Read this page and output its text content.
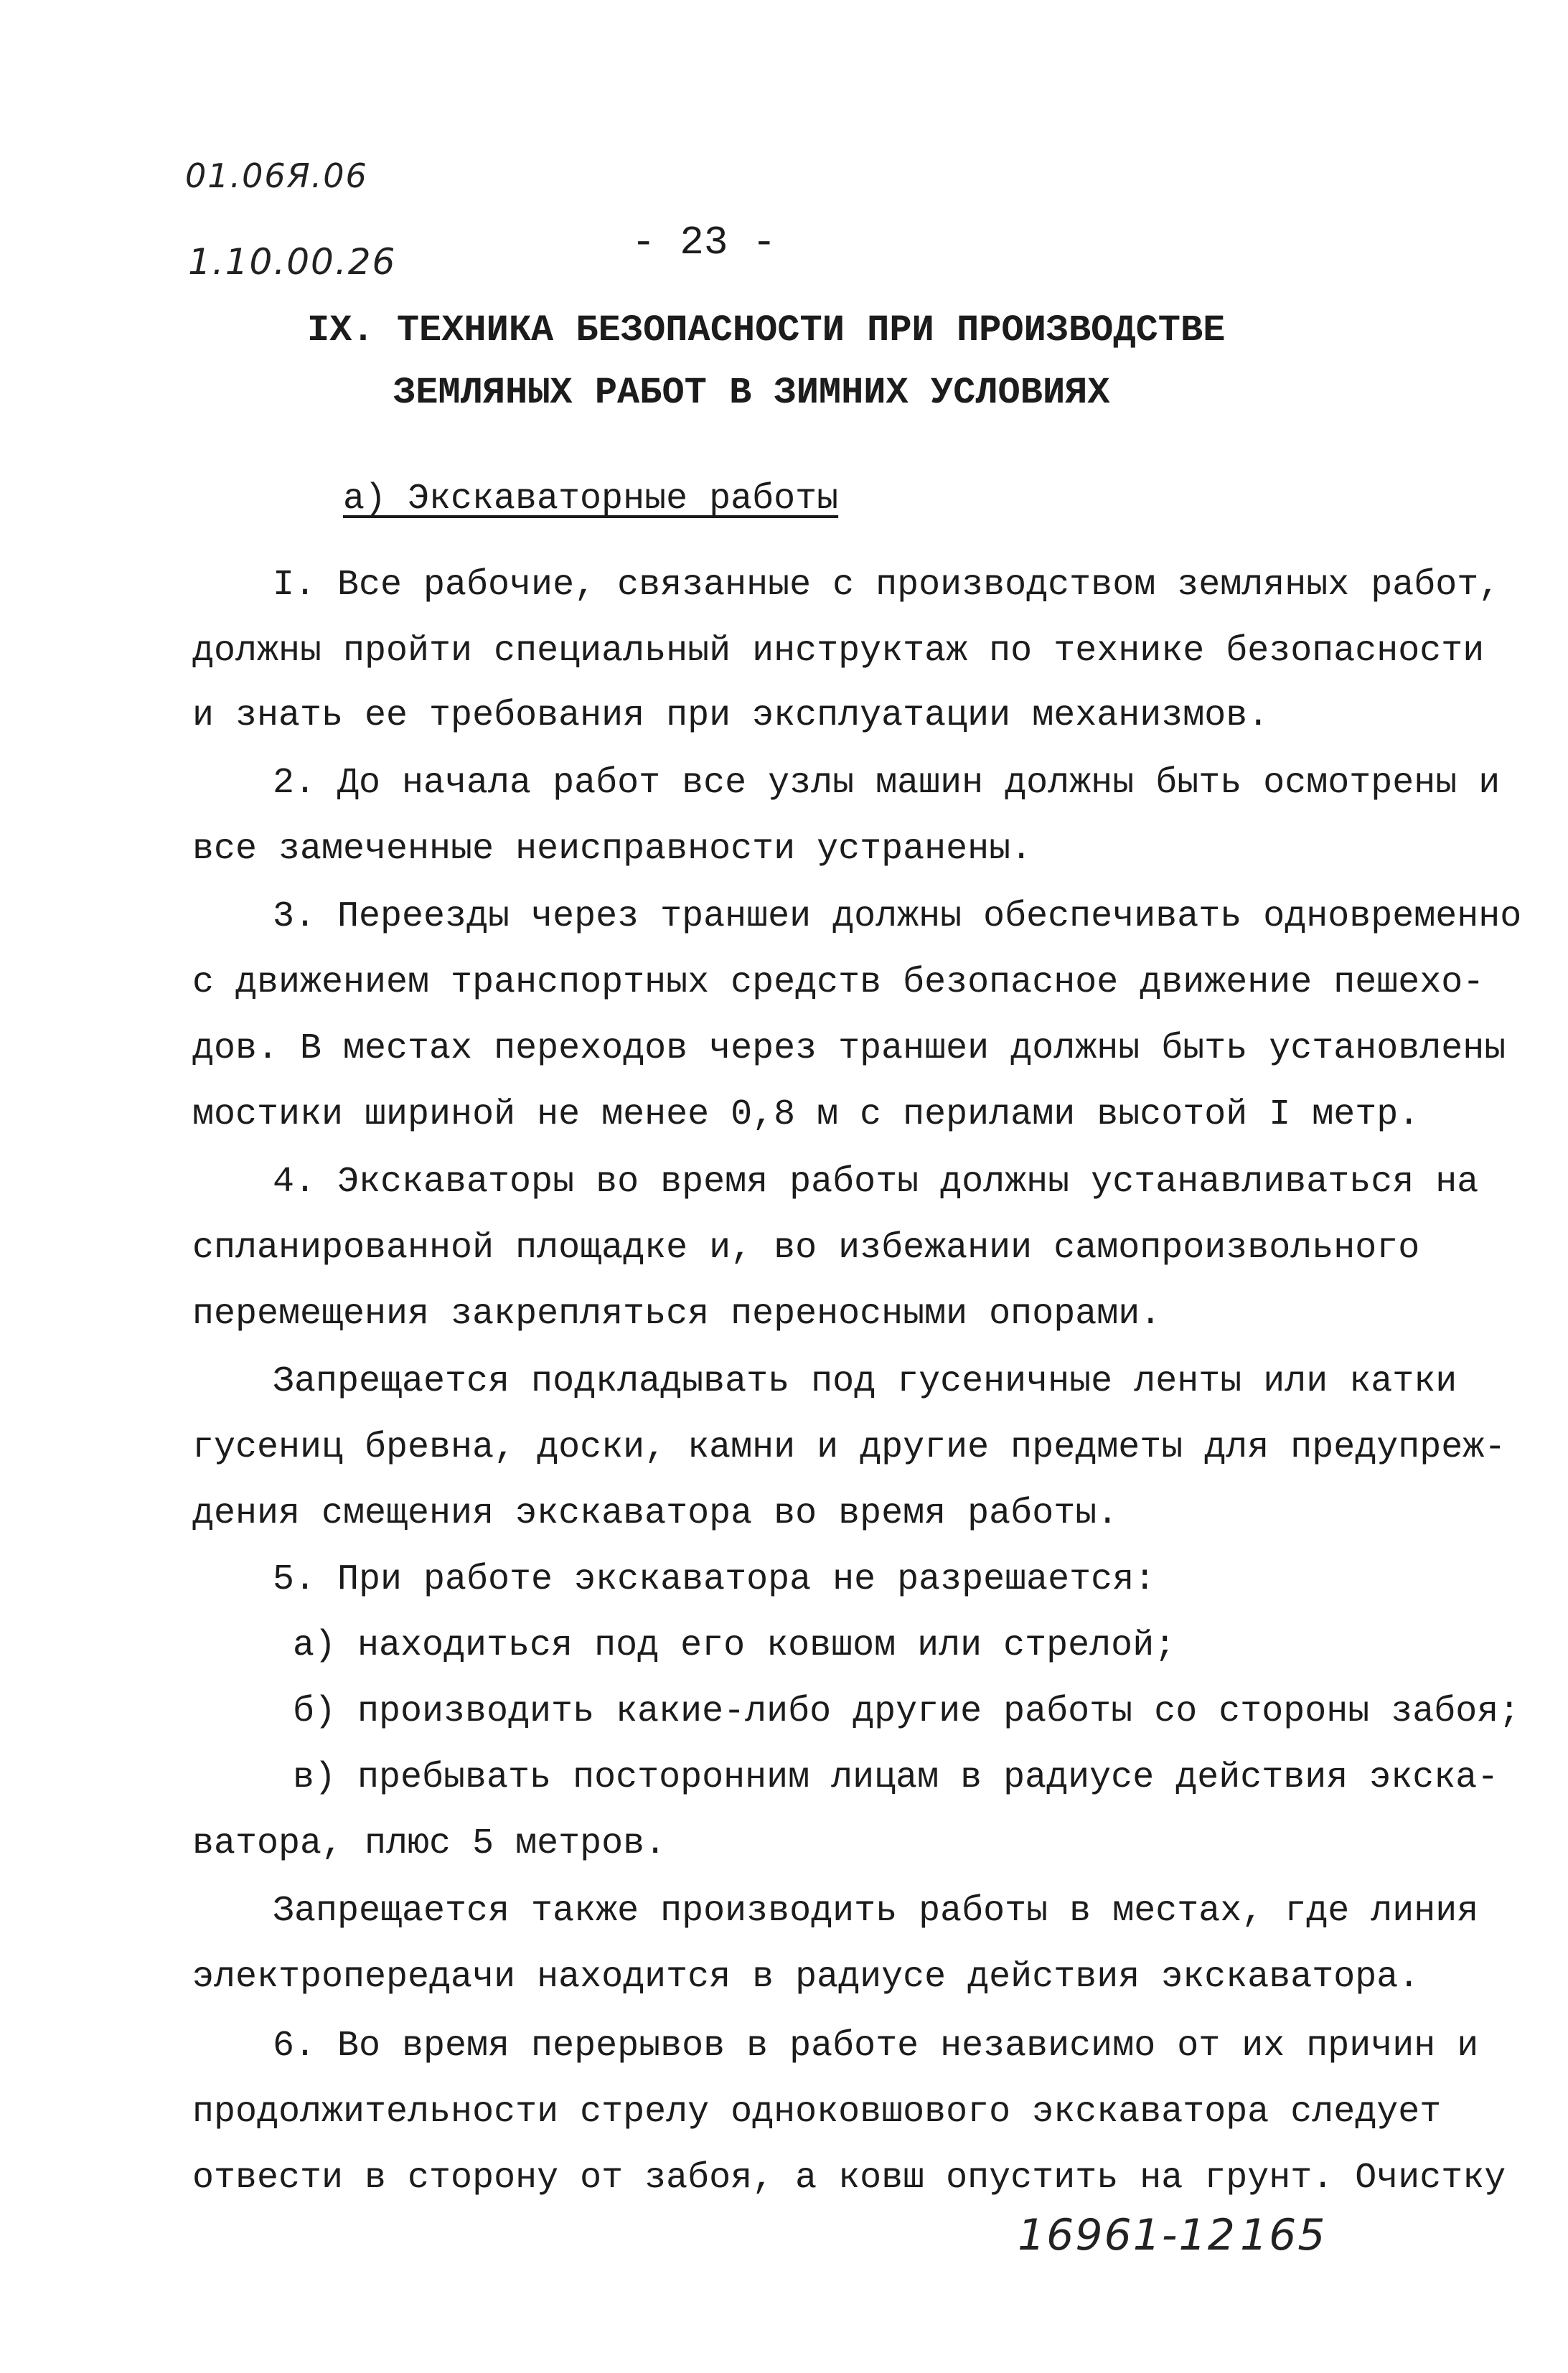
01.06Я.06
1.10.00.26	- 23 -
IX. ТЕХНИКА БЕЗОПАСНОСТИ ПРИ ПРОИЗВОДСТВЕ
ЗЕМЛЯНЫХ РАБОТ В ЗИМНИХ УСЛОВИЯХ
а) Экскаваторные работы
I. Все рабочие, связанные с производством земляных работ,
должны пройти специальный инструктаж по технике безопасности
и знать ее требования при эксплуатации механизмов.
2. До начала работ все узлы машин должны быть осмотрены и
все замеченные неисправности устранены.
3. Переезды через траншеи должны обеспечивать одновременно
с движением транспортных средств безопасное движение пешехо-
дов. В местах переходов через траншеи должны быть установлены
мостики шириной не менее 0,8 м с перилами высотой I метр.
4. Экскаваторы во время работы должны устанавливаться на
спланированной площадке и, во избежании самопроизвольного
перемещения закрепляться переносными опорами.
Запрещается подкладывать под гусеничные ленты или катки
гусениц бревна, доски, камни и другие предметы для предупреж-
дения смещения экскаватора во время работы.
5. При работе экскаватора не разрешается:
а) находиться под его ковшом или стрелой;
б) производить какие-либо другие работы со стороны забоя;
в) пребывать посторонним лицам в радиусе действия экска-
ватора, плюс 5 метров.
Запрещается также производить работы в местах, где линия
электропередачи находится в радиусе действия экскаватора.
6. Во время перерывов в работе независимо от их причин и
продолжительности стрелу одноковшового экскаватора следует
отвести в сторону от забоя, а ковш опустить на грунт. Очистку
16961-12 165
